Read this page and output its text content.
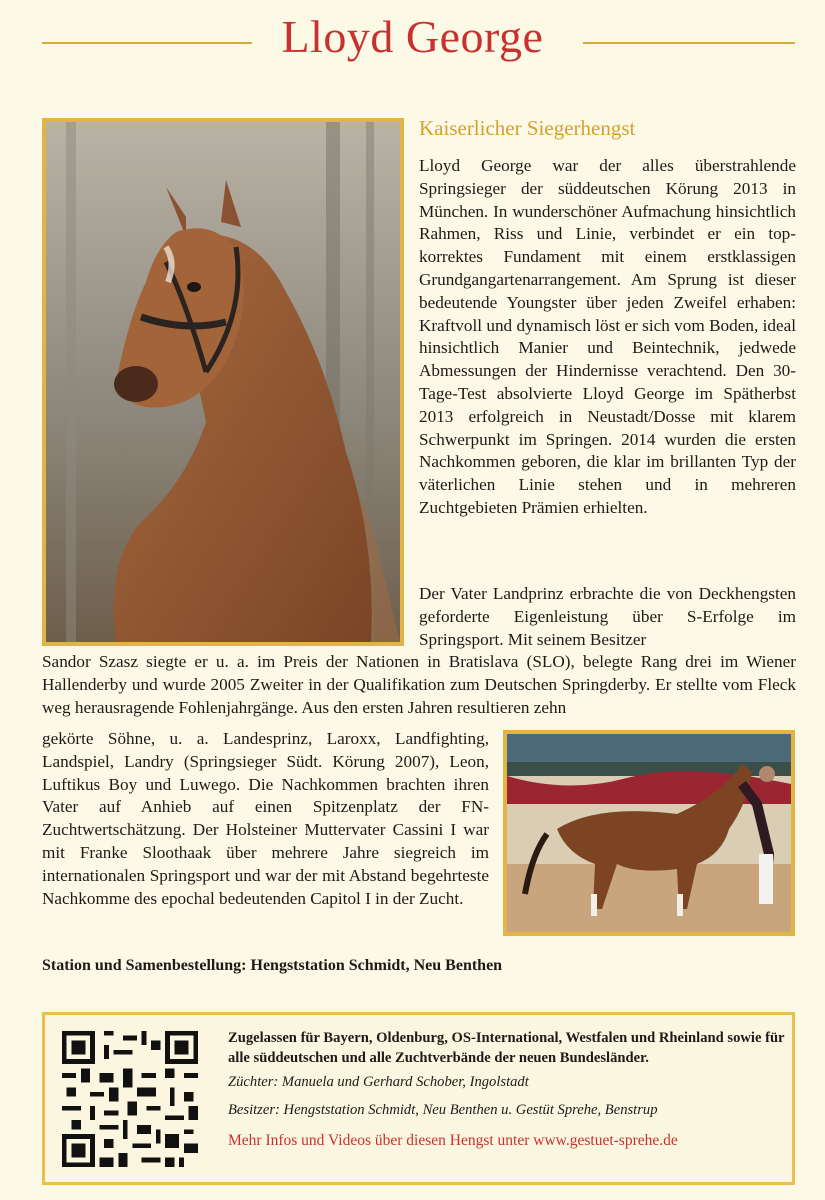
Lloyd George
Kaiserlicher Siegerhengst
Lloyd George war der alles überstrahlende Springsieger der süddeutschen Körung 2013 in München. In wunderschöner Aufmachung hinsichtlich Rahmen, Riss und Linie, verbindet er ein top-korrektes Fundament mit einem erstklassigen Grundgangartenarrangement. Am Sprung ist dieser bedeutende Youngster über jeden Zweifel erhaben: Kraftvoll und dynamisch löst er sich vom Boden, ideal hinsichtlich Manier und Beintechnik, jedwede Abmessungen der Hindernisse verachtend. Den 30-Tage-Test absolvierte Lloyd George im Spätherbst 2013 erfolgreich in Neustadt/Dosse mit klarem Schwerpunkt im Springen. 2014 wurden die ersten Nachkommen geboren, die klar im brillanten Typ der väterlichen Linie stehen und in mehreren Zuchtgebieten Prämien erhielten.
Der Vater Landprinz erbrachte die von Deckhengsten geforderte Eigenleistung über S-Erfolge im Springsport. Mit seinem Besitzer
Sandor Szasz siegte er u. a. im Preis der Nationen in Bratislava (SLO), belegte Rang drei im Wiener Hallenderby und wurde 2005 Zweiter in der Qualifikation zum Deutschen Springderby. Er stellte vom Fleck weg herausragende Fohlenjahrgänge. Aus den ersten Jahren resultieren zehn
gekörte Söhne, u. a. Landesprinz, Laroxx, Landfighting, Landspiel, Landry (Springsieger Südt. Körung 2007), Leon, Luftikus Boy und Luwego. Die Nachkommen brachten ihren Vater auf Anhieb auf einen Spitzenplatz der FN-Zuchtwertschätzung. Der Holsteiner Muttervater Cassini I war mit Franke Sloothaak über mehrere Jahre siegreich im internationalen Springsport und war der mit Abstand begehrteste Nachkomme des epochal bedeutenden Capitol I in der Zucht.
Station und Samenbestellung: Hengststation Schmidt, Neu Benthen
Zugelassen für Bayern, Oldenburg, OS-International, Westfalen und Rheinland sowie für alle süddeutschen und alle Zuchtverbände der neuen Bundesländer.
Züchter: Manuela und Gerhard Schober, Ingolstadt
Besitzer: Hengststation Schmidt, Neu Benthen u. Gestüt Sprehe, Benstrup
Mehr Infos und Videos über diesen Hengst unter www.gestuet-sprehe.de
